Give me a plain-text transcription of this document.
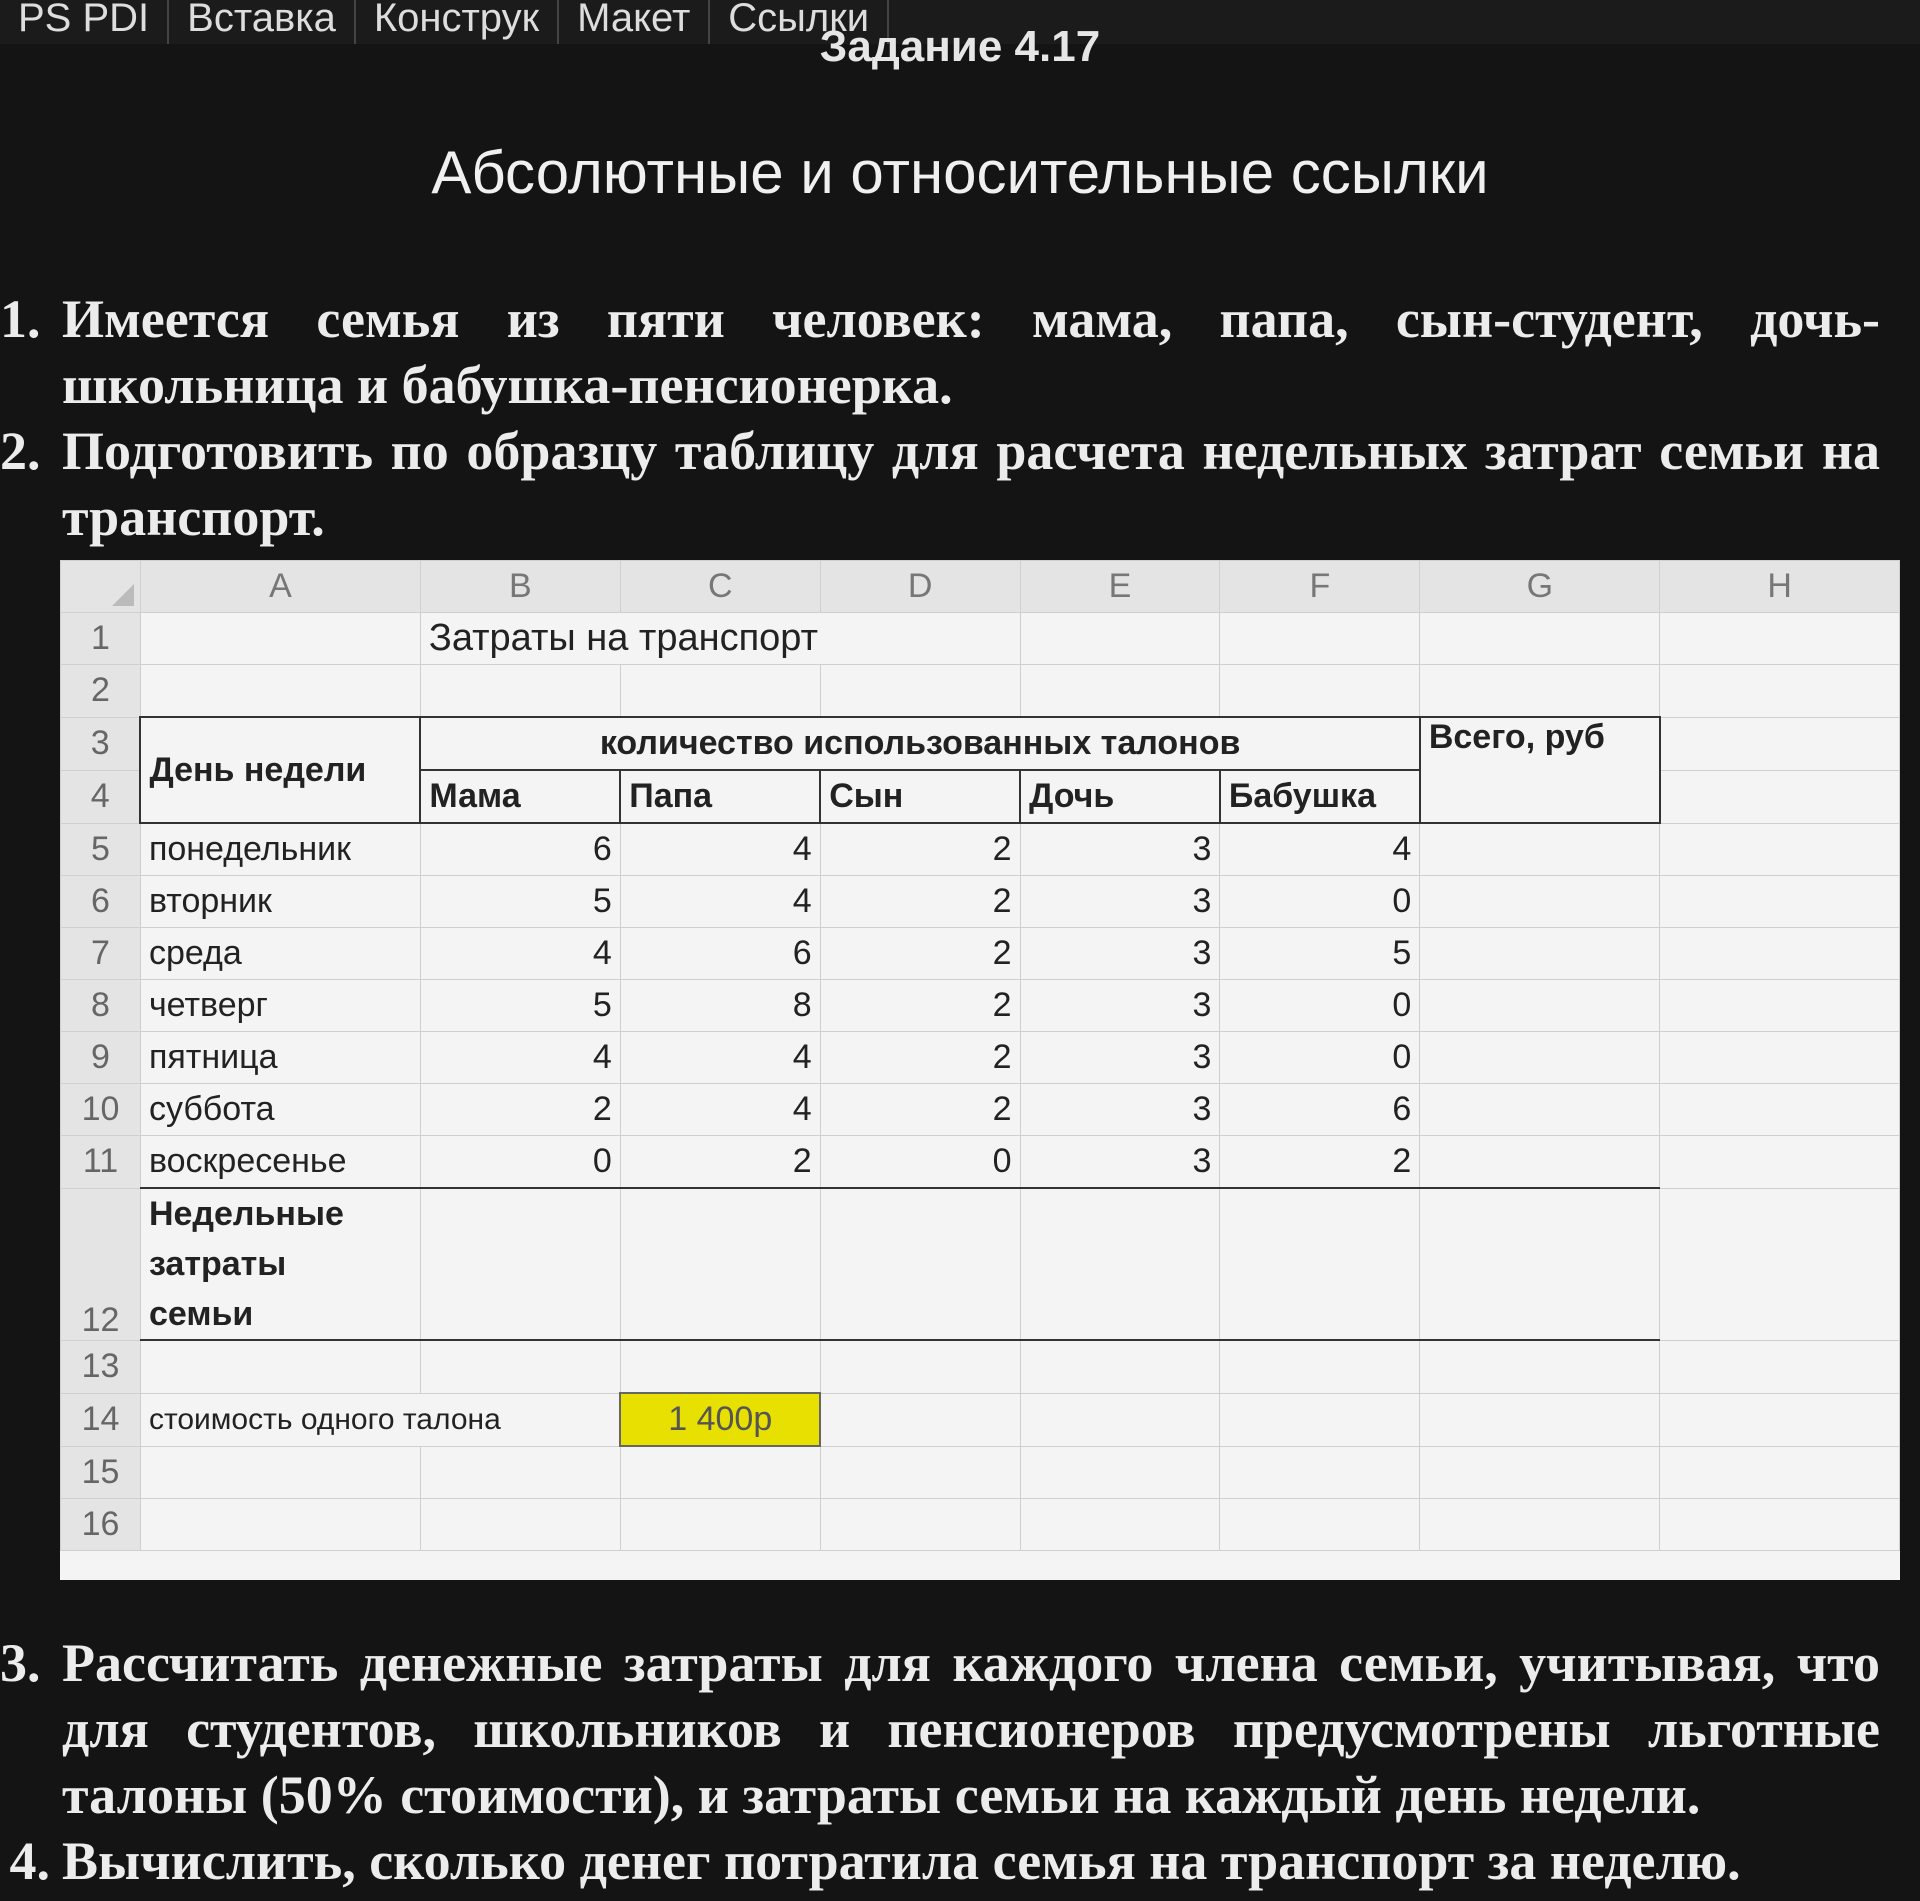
PS PDI Вставка Конструк Макет Ссылки
Задание 4.17
Абсолютные и относительные ссылки
1. Имеется семья из пяти человек: мама, папа, сын-студент, дочь-
школьница и бабушка-пенсионерка.
2. Подготовить по образцу таблицу для расчета недельных затрат семьи на
транспорт.
	A	B	C	D	E	F	G	H
1		Затраты на транспорт						
2								
3	День недели	количество использованных талонов					Всего, руб	
4		Мама	Папа	Сын	Дочь	Бабушка		
5	понедельник	6	4	2	3	4		
6	вторник	5	4	2	3	0		
7	среда	4	6	2	3	5		
8	четверг	5	8	2	3	0		
9	пятница	4	4	2	3	0		
10	суббота	2	4	2	3	6		
11	воскресенье	0	2	0	3	2		
12	Недельные
затраты
семьи							

13								
14	стоимость одного талона		1 400р					
15								
16								
3. Рассчитать денежные затраты для каждого члена семьи, учитывая, что
для студентов, школьников и пенсионеров предусмотрены льготные
талоны (50% стоимости), и затраты семьи на каждый день недели.
4. Вычислить, сколько денег потратила семья на транспорт за неделю.
